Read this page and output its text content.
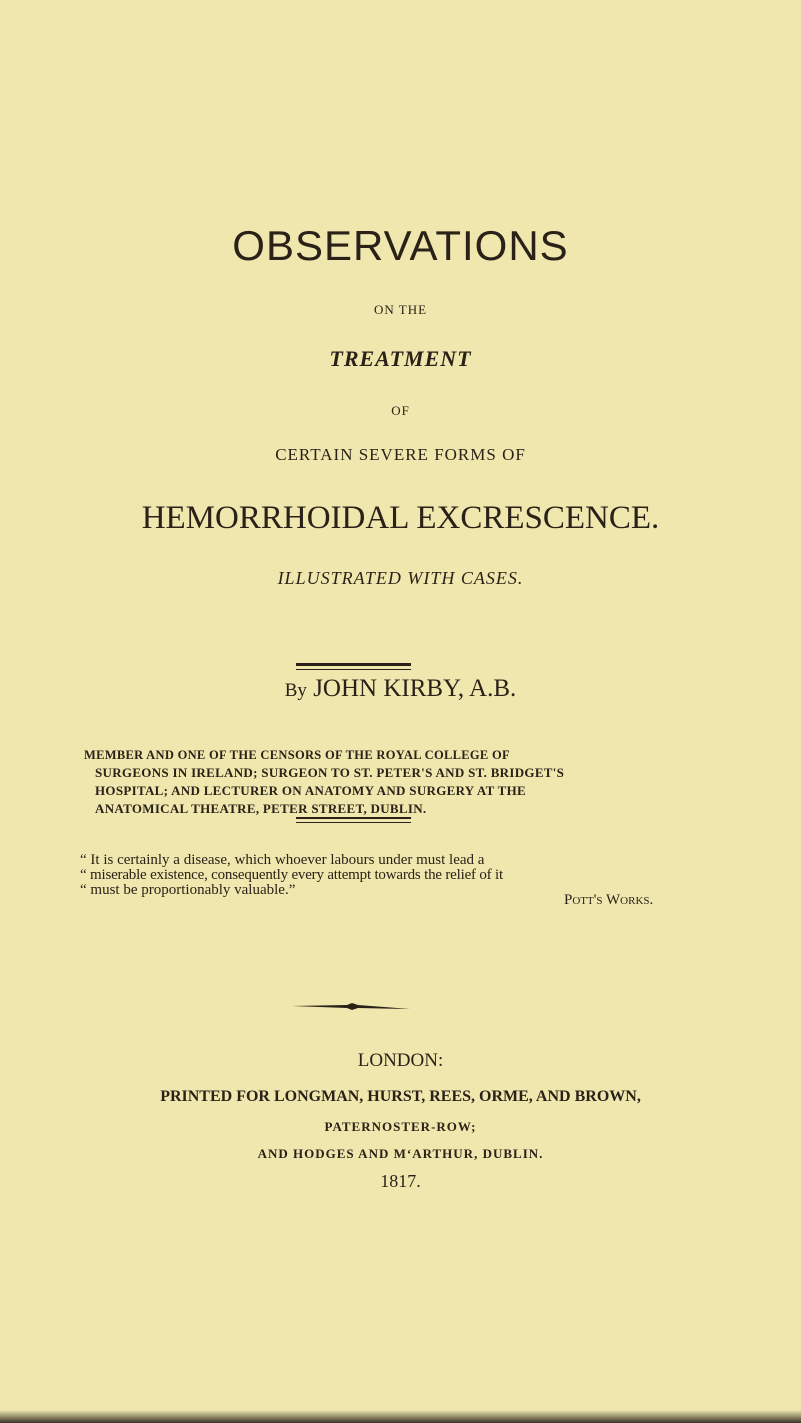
OBSERVATIONS
ON THE
TREATMENT
OF
CERTAIN SEVERE FORMS OF
HEMORRHOIDAL EXCRESCENCE.
ILLUSTRATED WITH CASES.
By JOHN KIRBY, A.B.
MEMBER AND ONE OF THE CENSORS OF THE ROYAL COLLEGE OF
SURGEONS IN IRELAND; SURGEON TO ST. PETER'S AND ST. BRIDGET'S
HOSPITAL; AND LECTURER ON ANATOMY AND SURGERY AT THE
ANATOMICAL THEATRE, PETER STREET, DUBLIN.
“ It is certainly a disease, which whoever labours under must lead a
“ miserable existence, consequently every attempt towards the relief of it
“ must be proportionably valuable.”
Pott's Works.
LONDON:
PRINTED FOR LONGMAN, HURST, REES, ORME, AND BROWN,
PATERNOSTER-ROW;
AND HODGES AND M‘ARTHUR, DUBLIN.
1817.
